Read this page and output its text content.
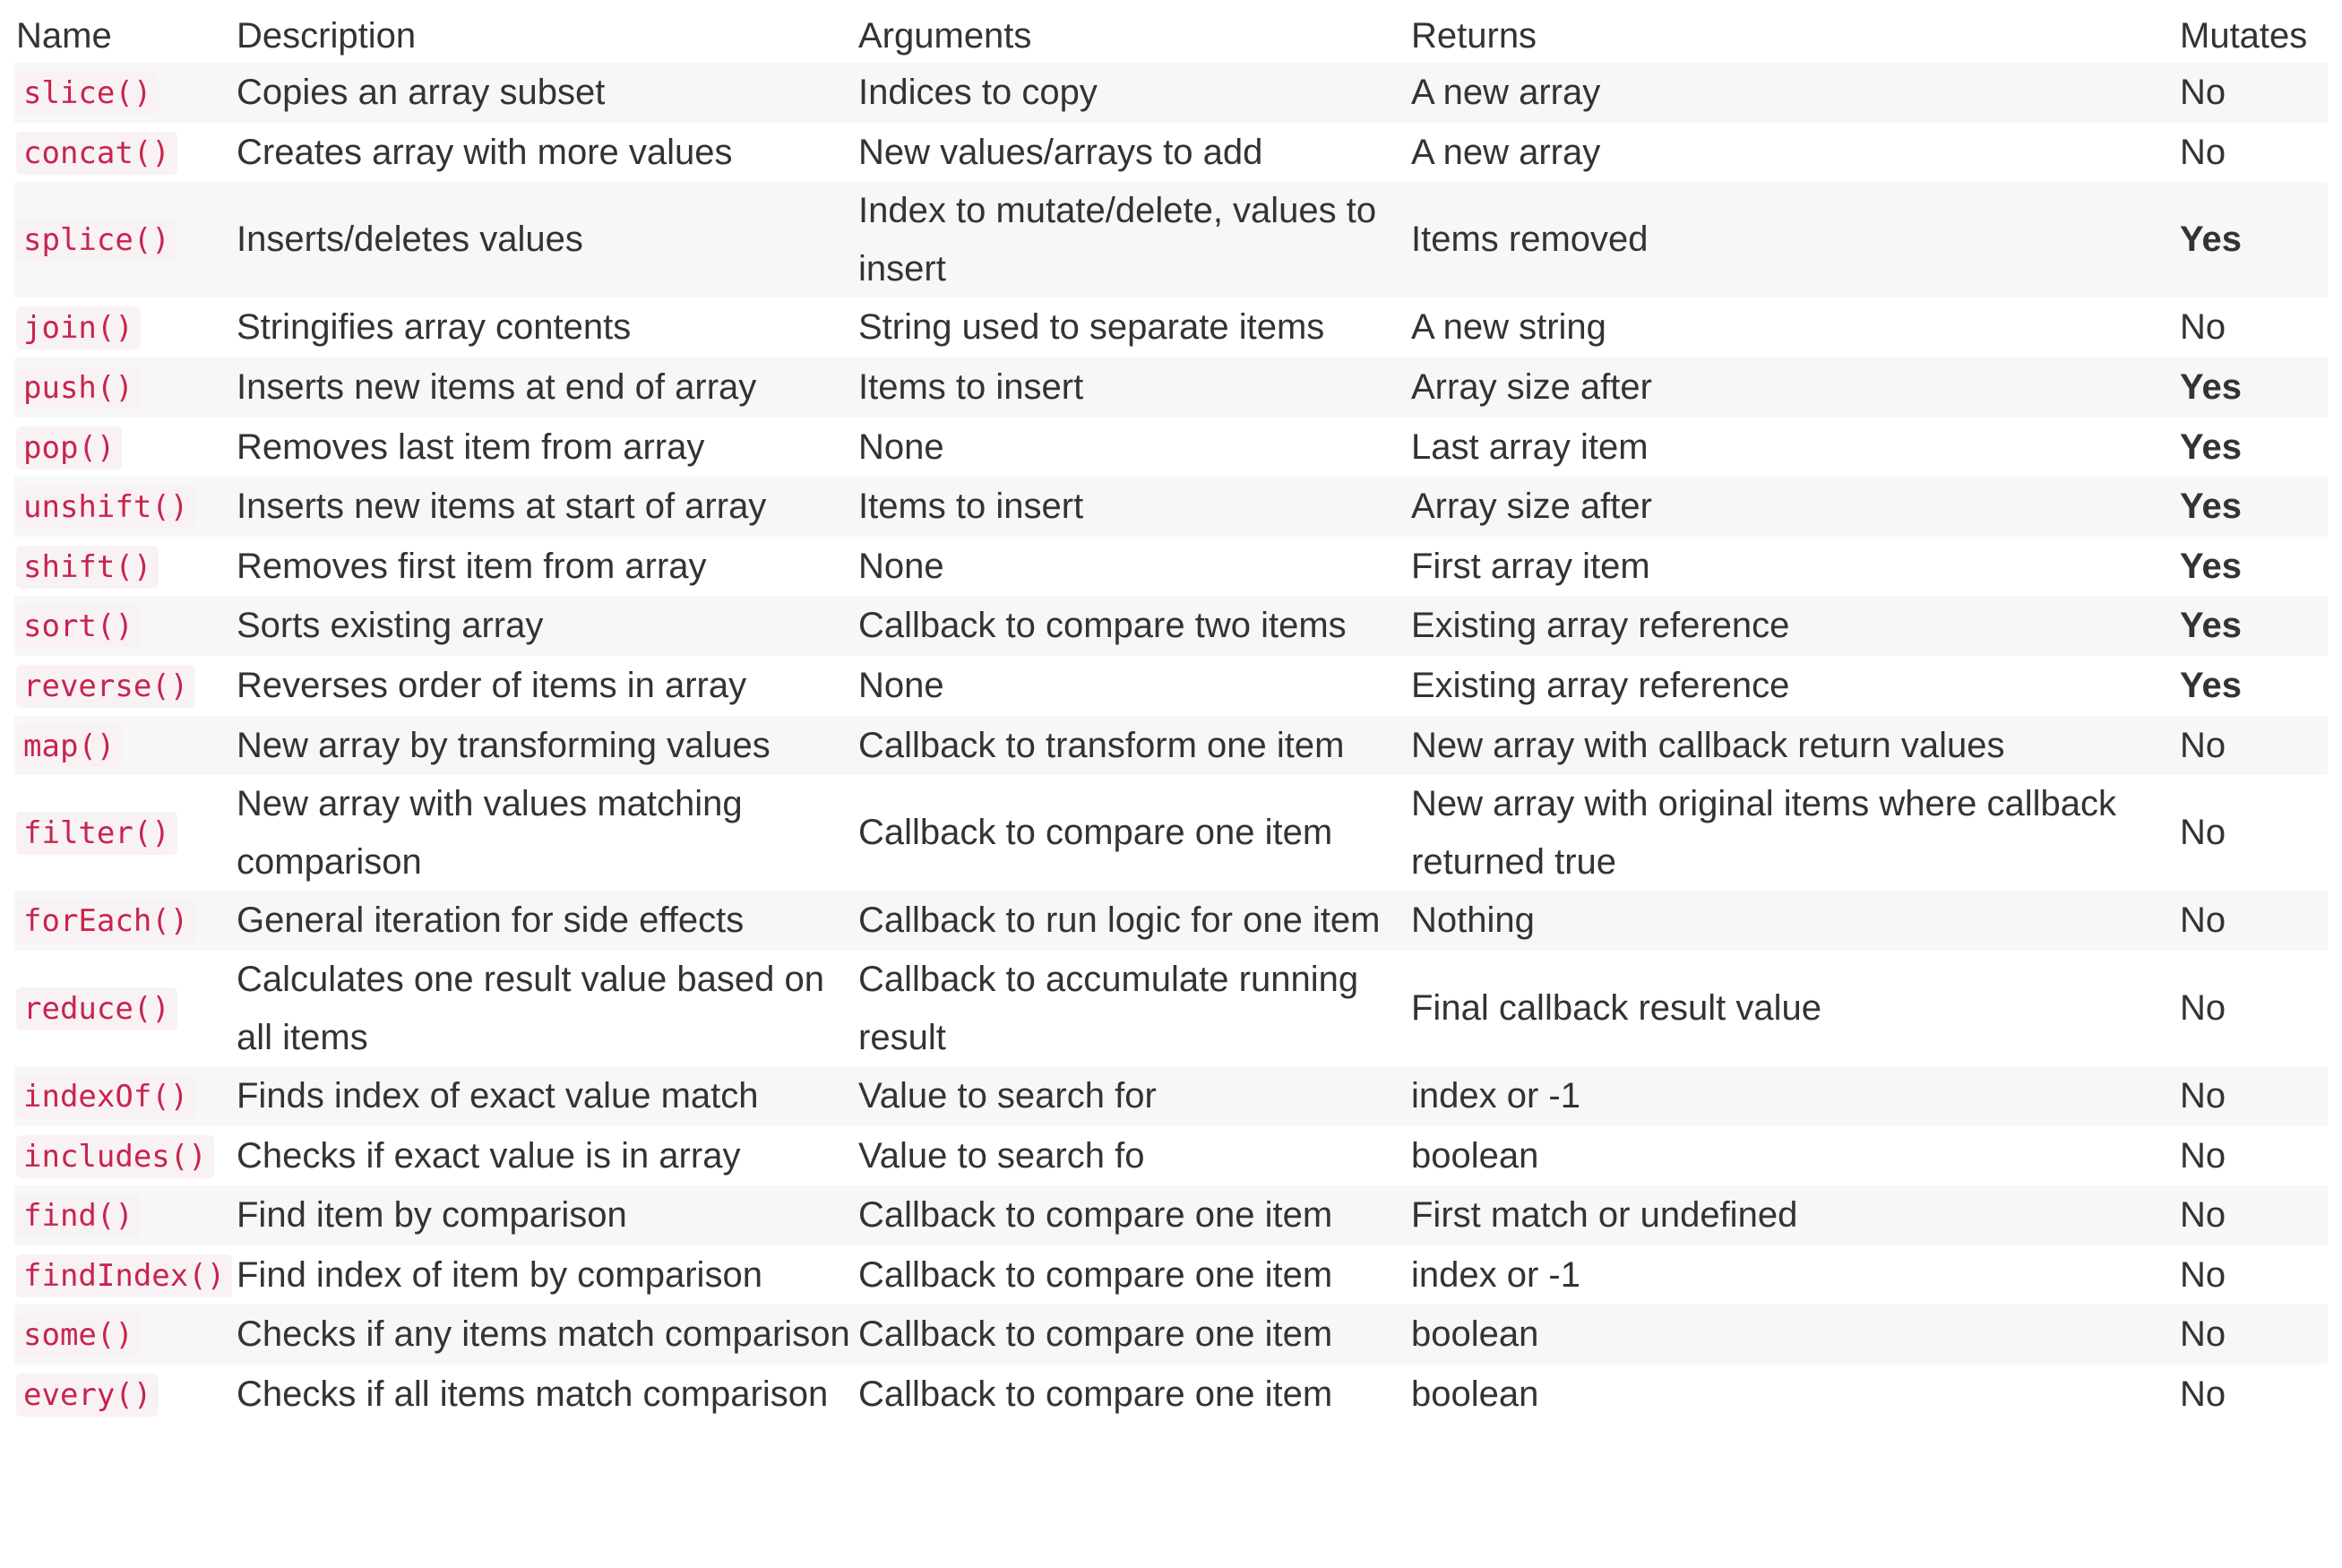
Name	Description	Arguments	Returns	Mutates
slice()	Copies an array subset	Indices to copy	A new array	No
concat()	Creates array with more values	New values/arrays to add	A new array	No
splice()	Inserts/deletes values	Index to mutate/delete, values to insert	Items removed	Yes
join()	Stringifies array contents	String used to separate items	A new string	No
push()	Inserts new items at end of array	Items to insert	Array size after	Yes
pop()	Removes last item from array	None	Last array item	Yes
unshift()	Inserts new items at start of array	Items to insert	Array size after	Yes
shift()	Removes first item from array	None	First array item	Yes
sort()	Sorts existing array	Callback to compare two items	Existing array reference	Yes
reverse()	Reverses order of items in array	None	Existing array reference	Yes
map()	New array by transforming values	Callback to transform one item	New array with callback return values	No
filter()	New array with values matching comparison	Callback to compare one item	New array with original items where callback returned true	No
forEach()	General iteration for side effects	Callback to run logic for one item	Nothing	No
reduce()	Calculates one result value based on all items	Callback to accumulate running result	Final callback result value	No
indexOf()	Finds index of exact value match	Value to search for	index or -1	No
includes()	Checks if exact value is in array	Value to search fo	boolean	No
find()	Find item by comparison	Callback to compare one item	First match or undefined	No
findIndex()	Find index of item by comparison	Callback to compare one item	index or -1	No
some()	Checks if any items match comparison	Callback to compare one item	boolean	No
every()	Checks if all items match comparison	Callback to compare one item	boolean	No
